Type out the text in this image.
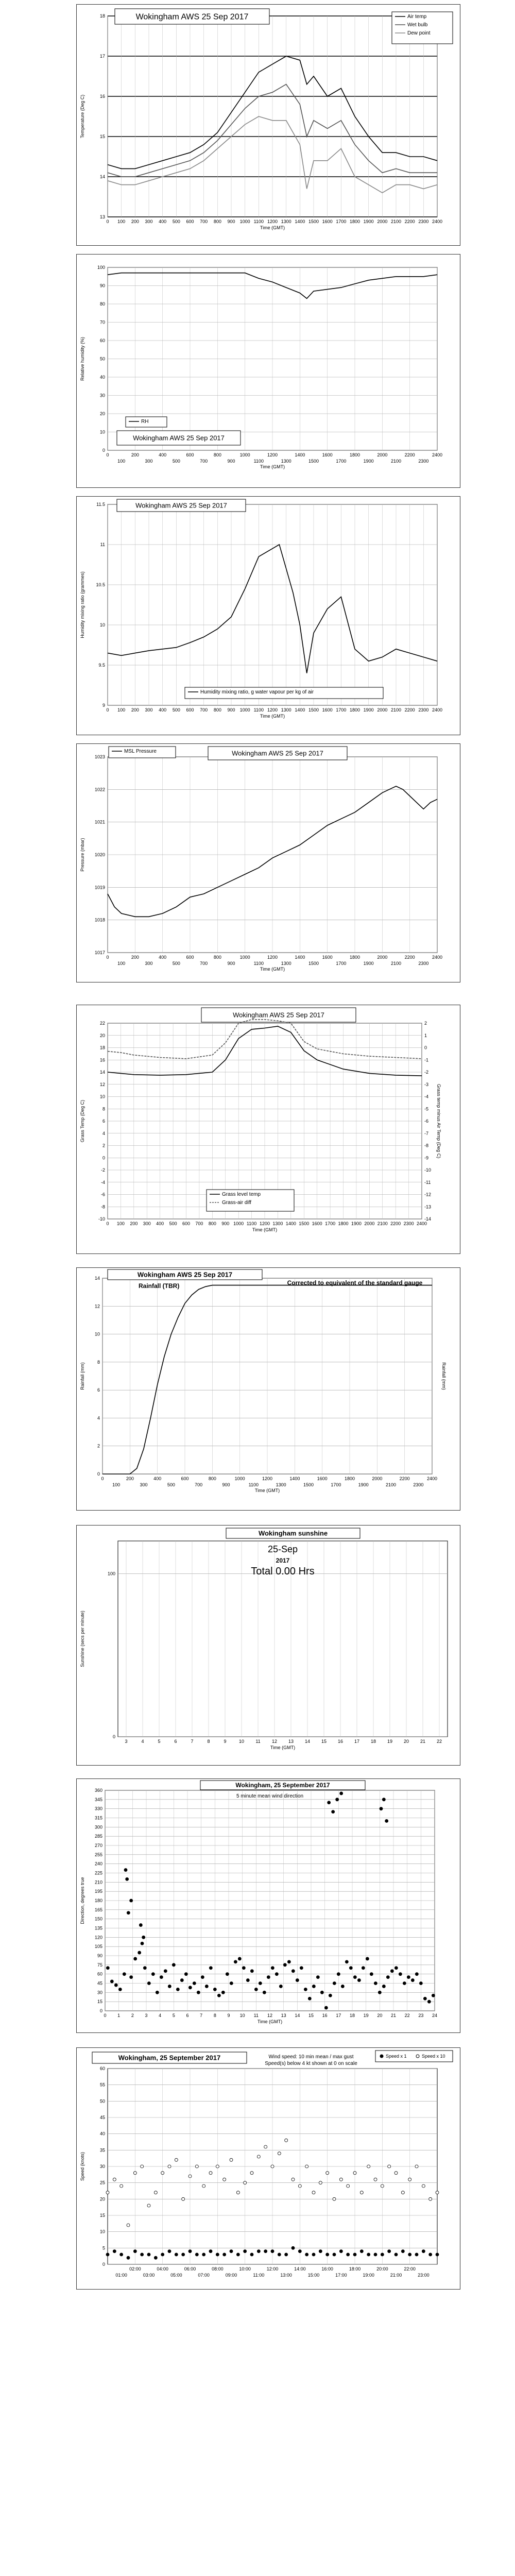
13
14
15
16
17
18
0 100 200 300 400 500 600 700 800 900 1000 1100 1200 1300 1400 1500 1600 1700 1800 1900 2000 2100 2200 2300 2400
Time (GMT)
Temperature (Deg C)
Wokingham AWS 25 Sep 2017	Air temp
Wet bulb
Dew point
0
10
20
30
40
50
60
70
80
90
100
0	200	400	600	800	1000	1200	1400	1600	1800	2000	2200	2400
100	300	500	700	900	1100	1300	1500	1700	1900	2100	2300
Time (GMT)
Relative humidity (%)
Wokingham AWS 25 Sep 2017
RH
9
9.5
10
10.5
11
11.5
0 100 200 300 400 500 600 700 800 900 1000 1100 1200 1300 1400 1500 1600 1700 1800 1900 2000 2100 2200 2300 2400
Time (GMT)
Humidity mixing ratio (grammes)
Wokingham AWS 25 Sep 2017
Humidity mixing ratio, g water vapour per kg of air
1017
1018
1019
1020
1021
1022
1023
0	200	400	600	800	1000	1200	1400	1600	1800	2000	2200	2400
100	300	500	700	900	1100	1300	1500	1700	1900	2100	2300
Time (GMT)
Pressure (mbar)
Wokingham AWS 25 Sep 2017
MSL Pressure
-10
-8
-6
-4
-2
0
2
4
6
8
10
12
14
16
18
20
22
-14
-13
-12
-11
-10
-9
-8
-7
-6
-5
-4
-3
-2
-1
0
1
2
0 100 200 300 400 500 600 700 800 900 1000 1100 1200 1300 1400 1500 1600 1700 1800 1900 2000 2100 2200 2300 2400
Time (GMT)
Grass Temp (Deg C)	Grass temp minus Air Temp (Deg C)
Wokingham AWS 25 Sep 2017
Grass level temp
Grass-air diff
0
2
4
6
8
10
12
14
0	200	400	600	800	1000	1200	1400	1600	1800	2000	2200	2400
100	300	500	700	900	1100	1300	1500	1700	1900	2100	2300
Time (GMT)
Rainfall (mm)	Rainfall (mm)
Wokingham AWS 25 Sep 2017
Rainfall (TBR)	Corrected to equivalent of the standard gauge
0
100
3	4	5	6	7	8	9	10 11 12 13 14 15 16 17 18 19 20 21 22
Time (GMT)
Sunshine (secs per minute)
Wokingham sunshine
25-Sep
2017
Total 0.00 Hrs
0
15
30
45
60
75
90
105
120
135
150
165
180
195
210
225
240
255
270
285
300
315
330
345
360
0 1 2 3 4 5 6 7 8 9 10 11 12 13 14 15 16 17 18 19 20 21 22 23 24
Time (GMT)
Direction, degrees true
Wokingham, 25 September 2017
5 minute mean wind direction
0
5
10
15
20
25
30
35
40
45
50
55
60
02:00	04:00	06:00	08:00	10:00	12:00	14:00	16:00	18:00	20:00	22:00
01:00	03:00	05:00	07:00	09:00	11:00	13:00	15:00	17:00	19:00	21:00	23:00
Speed (knots)
Wokingham, 25 September 2017	Speed x 1	Speed x 10
Wind speed: 10 min mean / max gust
Speed(s) below 4 kt shown at 0 on scale
